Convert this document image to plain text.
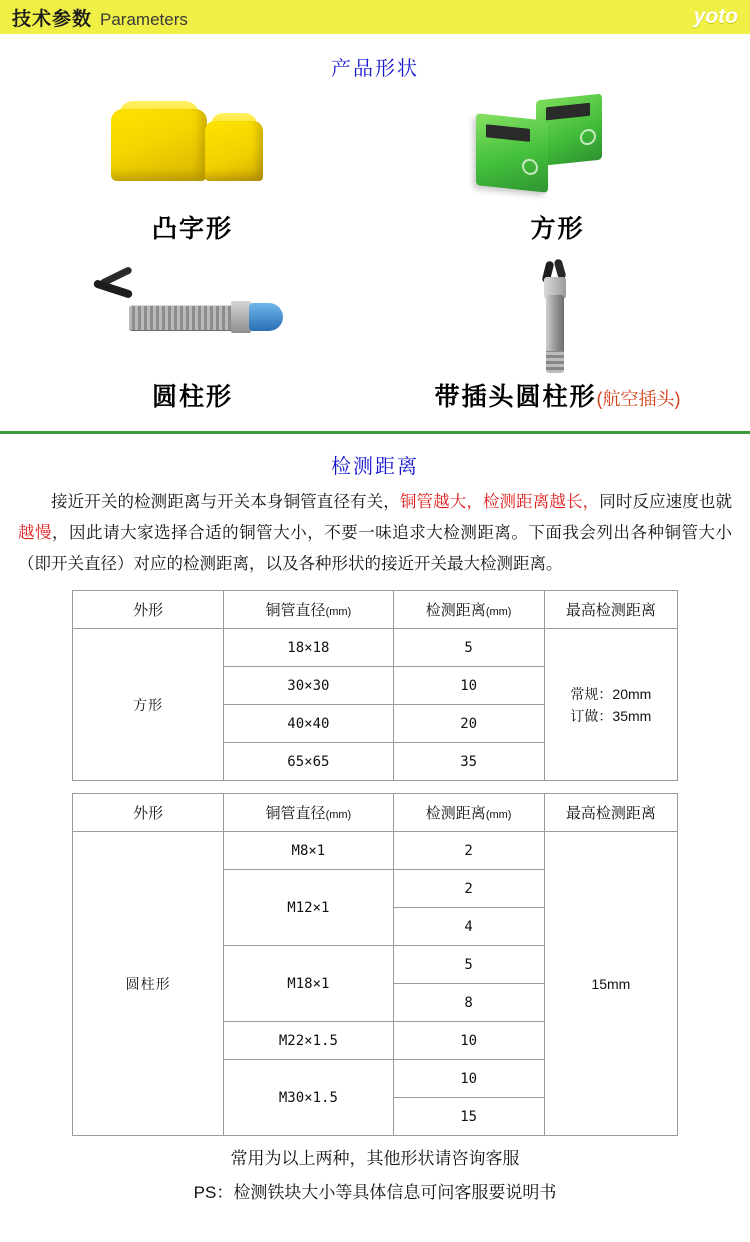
技术参数 Parameters	yoto
产品形状
凸字形	方形
圆柱形	带插头圆柱形(航空插头)
检测距离
接近开关的检测距离与开关本身铜管直径有关，铜管越大，检测距离越长，同时反应速度也就越慢，因此请大家选择合适的铜管大小，不要一味追求大检测距离。下面我会列出各种铜管大小（即开关直径）对应的检测距离，以及各种形状的接近开关最大检测距离。
外形	铜管直径(mm)	检测距离(mm)	最高检测距离
方形	18×18	5	常规：20mm
订做：35mm

	30×30	10	
	40×40	20	
	65×65	35	
外形	铜管直径(mm)	检测距离(mm)	最高检测距离
圆柱形	M8×1	2	15mm
	M12×1	2	
		4	
	M18×1	5	
		8	
	M22×1.5	10	
	M30×1.5	10	
		15	
常用为以上两种，其他形状请咨询客服
PS：检测铁块大小等具体信息可问客服要说明书
